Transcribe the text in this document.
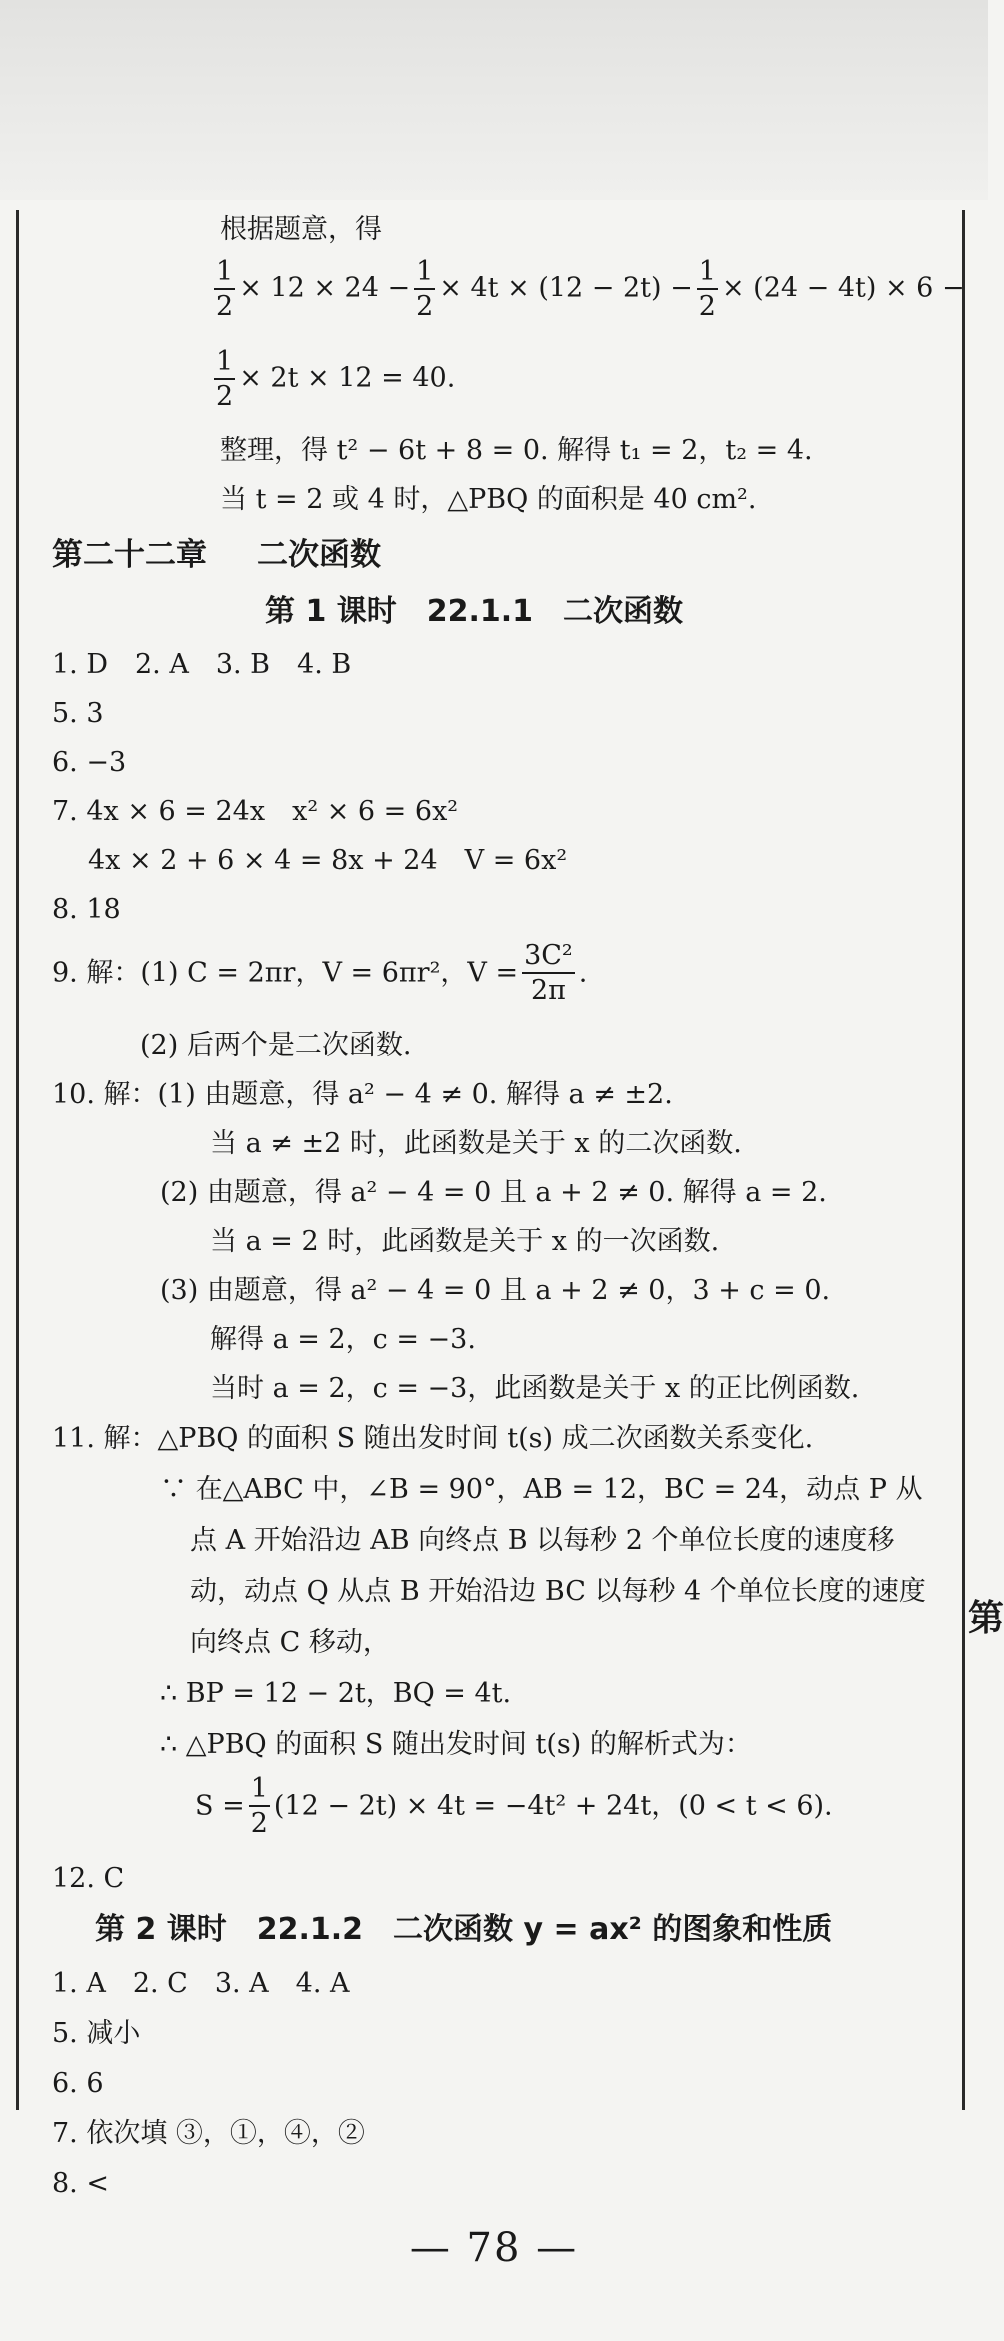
第
根据题意，得
$\frac{1}{2} \times 12 \times 24 - \frac{1}{2} \times 4t \times (12 - 2t) - \frac{1}{2} \times (24 - 4t) \times 6$ −
$\frac{1}{2} \times 2t \times 12 = 40$.
整理，得 t² − 6t + 8 = 0. 解得 t₁ = 2，t₂ = 4.
当 t = 2 或 4 时，△PBQ 的面积是 40 cm².
第二十二章 二次函数
第 1 课时　22.1.1　二次函数
1. D　2. A　3. B　4. B
5. 3
6. −3
7. 4x × 6 = 24x　x² × 6 = 6x²
4x × 2 + 6 × 4 = 8x + 24　V = 6x²
8. 18
9. 解：(1) C = 2πr，V = 6πr²，$V = \frac{\text{3C²}}{2\pi}$ .
(2) 后两个是二次函数.
10. 解：(1) 由题意，得 a² − 4 ≠ 0. 解得 a ≠ ±2.
当 a ≠ ±2 时，此函数是关于 x 的二次函数.
(2) 由题意，得 a² − 4 = 0 且 a + 2 ≠ 0. 解得 a = 2.
当 a = 2 时，此函数是关于 x 的一次函数.
(3) 由题意，得 a² − 4 = 0 且 a + 2 ≠ 0，3 + c = 0.
解得 a = 2，c = −3.
当时 a = 2，c = −3，此函数是关于 x 的正比例函数.
11. 解：△PBQ 的面积 S 随出发时间 t(s) 成二次函数关系变化.
∵ 在△ABC 中，∠B = 90°，AB = 12，BC = 24，动点 P 从
点 A 开始沿边 AB 向终点 B 以每秒 2 个单位长度的速度移
动，动点 Q 从点 B 开始沿边 BC 以每秒 4 个单位长度的速度
向终点 C 移动，
∴ BP = 12 − 2t，BQ = 4t.
∴ △PBQ 的面积 S 随出发时间 t(s) 的解析式为：
$S = \frac{1}{2} (12 - 2t) \times 4t = -4t^2 + 24t$，(0 < t < 6).
12. C
第 2 课时　22.1.2　二次函数 y = ax² 的图象和性质
1. A　2. C　3. A　4. A
5. 减小
6. 6
7. 依次填 ③，①，④，②
8. <
— 78 —
